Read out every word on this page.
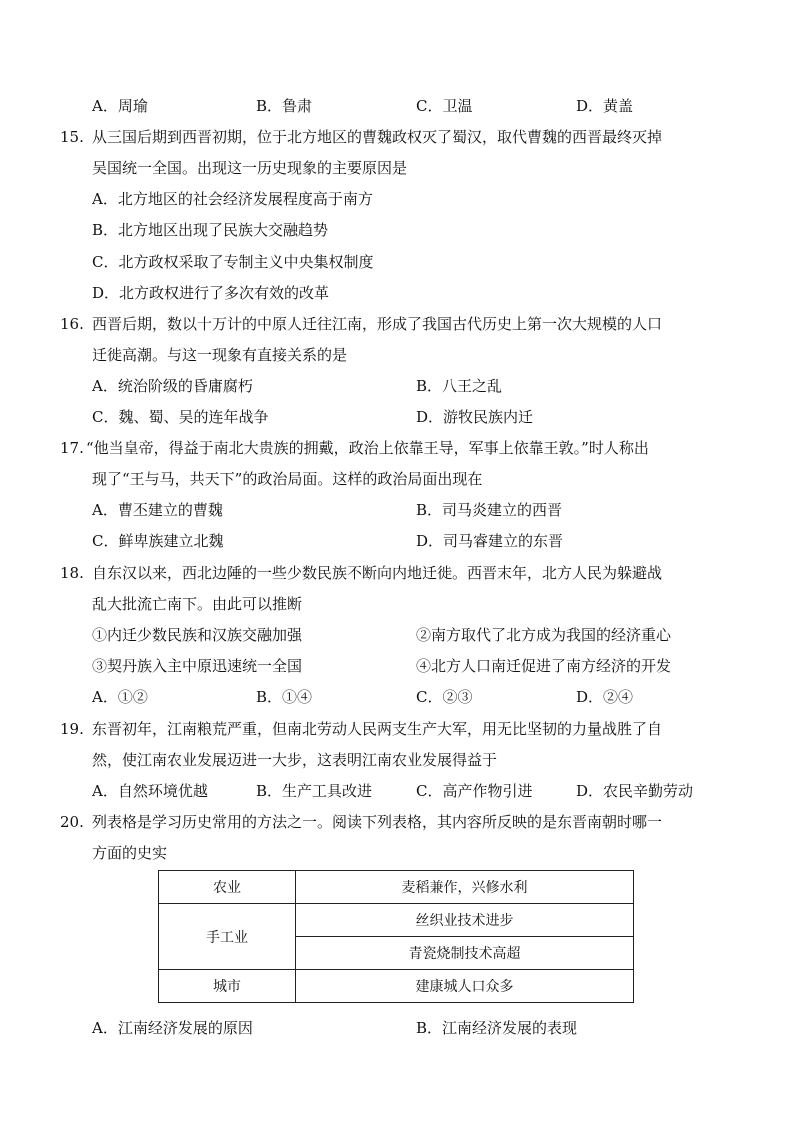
A．周瑜	B．鲁肃	C．卫温	D．黄盖
15. 从三国后期到西晋初期，位于北方地区的曹魏政权灭了蜀汉，取代曹魏的西晋最终灭掉
吴国统一全国。出现这一历史现象的主要原因是
A．北方地区的社会经济发展程度高于南方
B．北方地区出现了民族大交融趋势
C．北方政权采取了专制主义中央集权制度
D．北方政权进行了多次有效的改革
16. 西晋后期，数以十万计的中原人迁往江南，形成了我国古代历史上第一次大规模的人口
迁徙高潮。与这一现象有直接关系的是
A．统治阶级的昏庸腐朽	B．八王之乱
C．魏、蜀、吴的连年战争	D．游牧民族内迁
17. “他当皇帝，得益于南北大贵族的拥戴，政治上依靠王导，军事上依靠王敦。”时人称出
现了“王与马，共天下”的政治局面。这样的政治局面出现在
A．曹丕建立的曹魏	B．司马炎建立的西晋
C．鲜卑族建立北魏	D．司马睿建立的东晋
18. 自东汉以来，西北边陲的一些少数民族不断向内地迁徙。西晋末年，北方人民为躲避战
乱大批流亡南下。由此可以推断
①内迁少数民族和汉族交融加强	②南方取代了北方成为我国的经济重心
③契丹族入主中原迅速统一全国	④北方人口南迁促进了南方经济的开发
A．①②	B．①④	C．②③	D．②④
19. 东晋初年，江南粮荒严重，但南北劳动人民两支生产大军，用无比坚韧的力量战胜了自
然，使江南农业发展迈进一大步，这表明江南农业发展得益于
A．自然环境优越	B．生产工具改进	C．高产作物引进	D．农民辛勤劳动
20. 列表格是学习历史常用的方法之一。阅读下列表格，其内容所反映的是东晋南朝时哪一
方面的史实
农业	麦稻兼作，兴修水利
手工业	丝织业技术进步
	青瓷烧制技术高超
城市	建康城人口众多
A．江南经济发展的原因	B．江南经济发展的表现
